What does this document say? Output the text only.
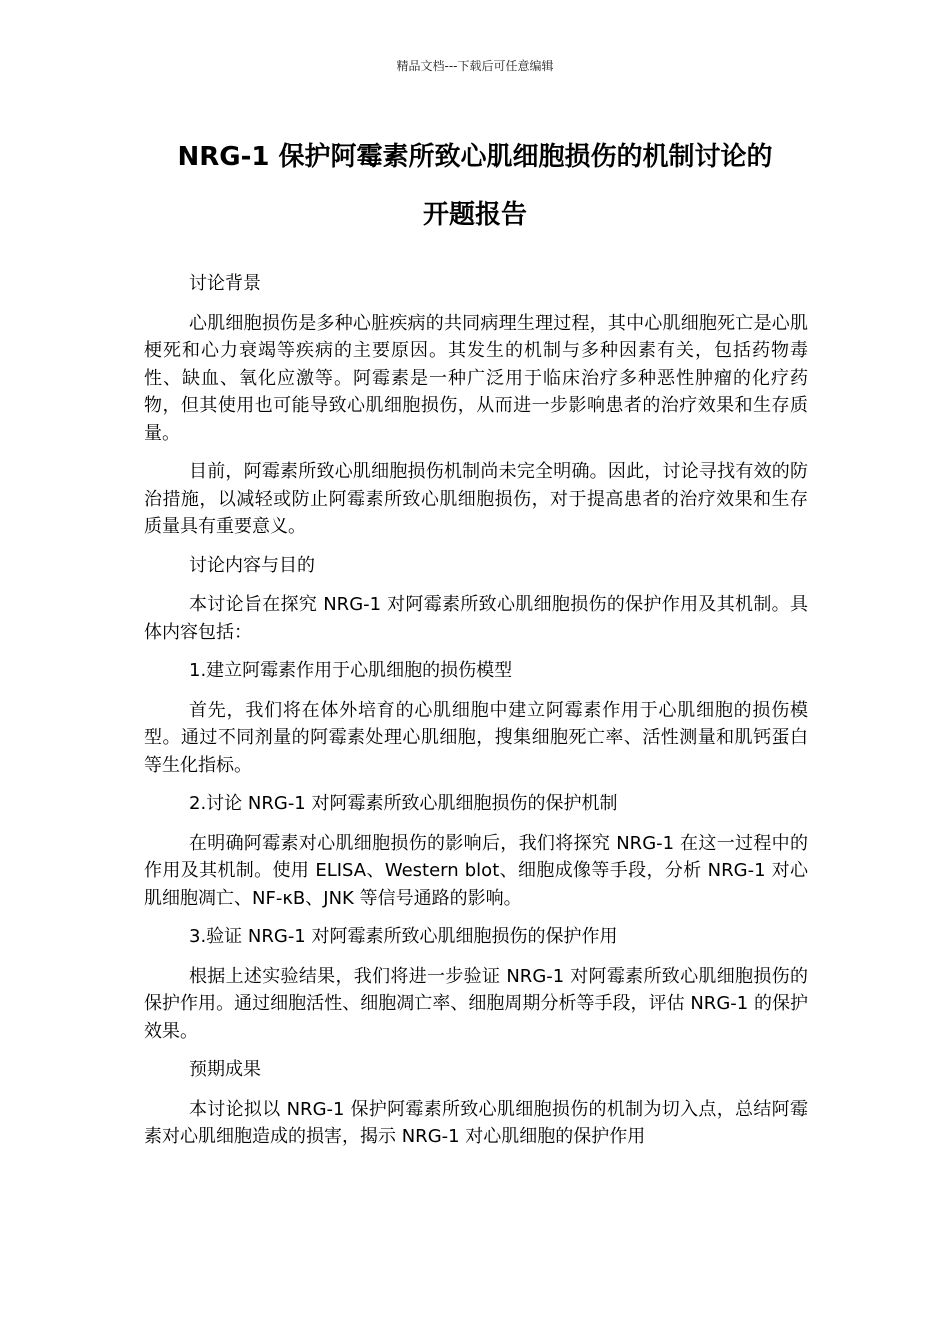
精品文档---下载后可任意编辑
NRG-1 保护阿霉素所致心肌细胞损伤的机制讨论的
开题报告

讨论背景

心肌细胞损伤是多种心脏疾病的共同病理生理过程，其中心肌细胞死亡是心肌梗死和心力衰竭等疾病的主要原因。其发生的机制与多种因素有关，包括药物毒性、缺血、氧化应激等。阿霉素是一种广泛用于临床治疗多种恶性肿瘤的化疗药物，但其使用也可能导致心肌细胞损伤，从而进一步影响患者的治疗效果和生存质量。

目前，阿霉素所致心肌细胞损伤机制尚未完全明确。因此，讨论寻找有效的防治措施，以减轻或防止阿霉素所致心肌细胞损伤，对于提高患者的治疗效果和生存质量具有重要意义。

讨论内容与目的

本讨论旨在探究 NRG-1 对阿霉素所致心肌细胞损伤的保护作用及其机制。具体内容包括：

1.建立阿霉素作用于心肌细胞的损伤模型

首先，我们将在体外培育的心肌细胞中建立阿霉素作用于心肌细胞的损伤模型。通过不同剂量的阿霉素处理心肌细胞，搜集细胞死亡率、活性测量和肌钙蛋白等生化指标。

2.讨论 NRG-1 对阿霉素所致心肌细胞损伤的保护机制

在明确阿霉素对心肌细胞损伤的影响后，我们将探究 NRG-1 在这一过程中的作用及其机制。使用 ELISA、Western blot、细胞成像等手段，分析 NRG-1 对心肌细胞凋亡、NF-κB、JNK 等信号通路的影响。

3.验证 NRG-1 对阿霉素所致心肌细胞损伤的保护作用

根据上述实验结果，我们将进一步验证 NRG-1 对阿霉素所致心肌细胞损伤的保护作用。通过细胞活性、细胞凋亡率、细胞周期分析等手段，评估 NRG-1 的保护效果。

预期成果

本讨论拟以 NRG-1 保护阿霉素所致心肌细胞损伤的机制为切入点，总结阿霉素对心肌细胞造成的损害，揭示 NRG-1 对心肌细胞的保护作用
